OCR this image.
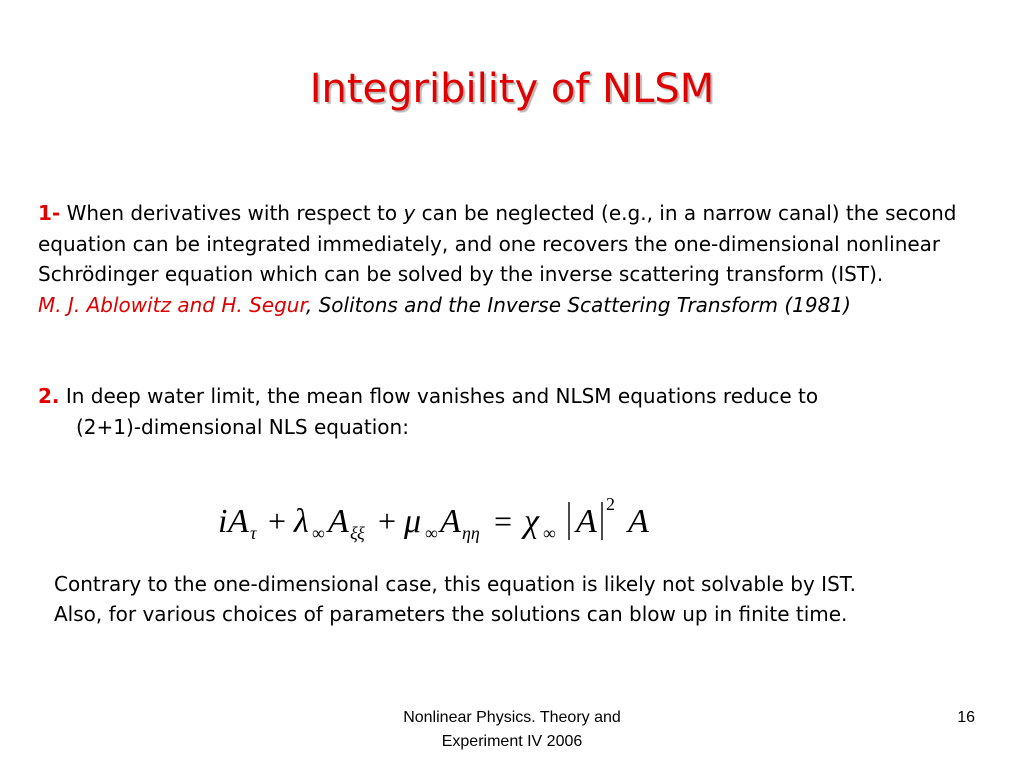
Integribility of NLSM

1- When derivatives with respect to y can be neglected (e.g., in a narrow canal) the second equation can be integrated immediately, and one recovers the one-dimensional nonlinear Schrödinger equation which can be solved by the inverse scattering transform (IST).
M. J. Ablowitz and H. Segur, Solitons and the Inverse Scattering Transform (1981)

2. In deep water limit, the mean flow vanishes and NLSM equations reduce to
(2+1)-dimensional NLS equation:

i A τ + λ ∞ A ξξ + μ ∞ A ηη = χ ∞ A 2 A

Contrary to the one-dimensional case, this equation is likely not solvable by IST.
Also, for various choices of parameters the solutions can blow up in finite time.

Nonlinear Physics. Theory and
Experiment IV 2006
16
